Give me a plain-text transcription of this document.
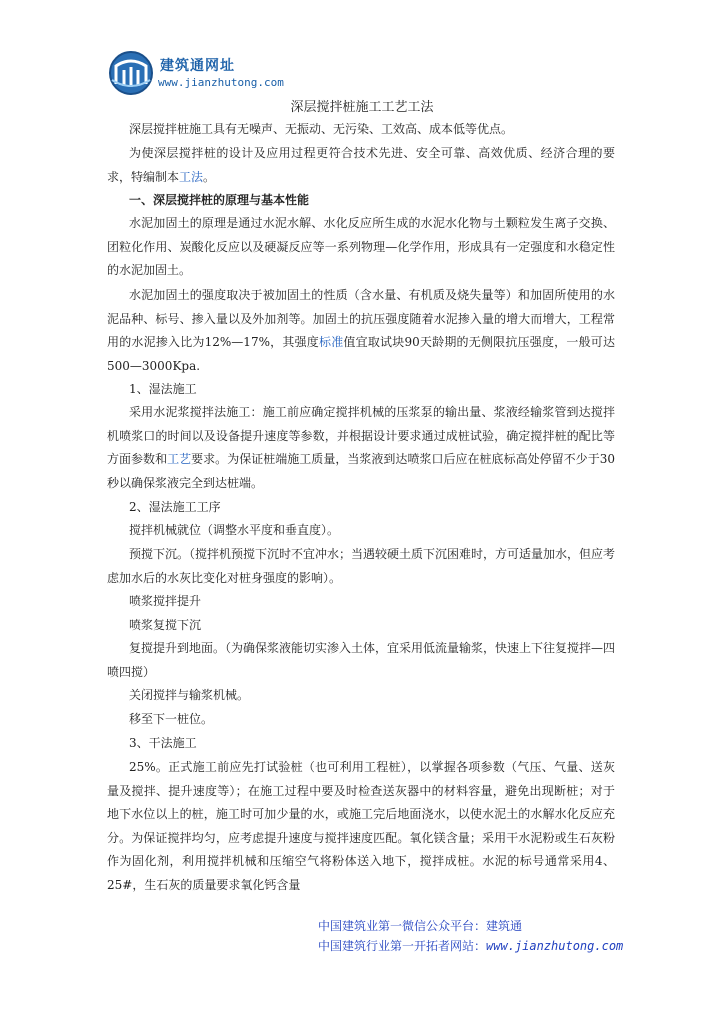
建筑通网址
www.jianzhutong.com
深层搅拌桩施工工艺工法

深层搅拌桩施工具有无噪声、无振动、无污染、工效高、成本低等优点。

为使深层搅拌桩的设计及应用过程更符合技术先进、安全可靠、高效优质、经济合理的要求，特编制本工法。

一、深层搅拌桩的原理与基本性能

水泥加固土的原理是通过水泥水解、水化反应所生成的水泥水化物与土颗粒发生离子交换、团粒化作用、炭酸化反应以及硬凝反应等一系列物理—化学作用，形成具有一定强度和水稳定性的水泥加固土。

水泥加固土的强度取决于被加固土的性质（含水量、有机质及烧失量等）和加固所使用的水泥品种、标号、掺入量以及外加剂等。加固土的抗压强度随着水泥掺入量的增大而增大，工程常用的水泥掺入比为12%—17%，其强度标准值宜取试块90天龄期的无侧限抗压强度，一般可达500—3000Kpa.

1、湿法施工

采用水泥浆搅拌法施工：施工前应确定搅拌机械的压浆泵的输出量、浆液经输浆管到达搅拌机喷浆口的时间以及设备提升速度等参数，并根据设计要求通过成桩试验，确定搅拌桩的配比等方面参数和工艺要求。为保证桩端施工质量，当浆液到达喷浆口后应在桩底标高处停留不少于30秒以确保浆液完全到达桩端。

2、湿法施工工序

搅拌机械就位（调整水平度和垂直度）。

预搅下沉。（搅拌机预搅下沉时不宜冲水；当遇较硬土质下沉困难时，方可适量加水，但应考虑加水后的水灰比变化对桩身强度的影响）。

喷浆搅拌提升

喷浆复搅下沉

复搅提升到地面。（为确保浆液能切实渗入土体，宜采用低流量输浆，快速上下往复搅拌—四喷四搅）

关闭搅拌与输浆机械。

移至下一桩位。

3、干法施工

25%。正式施工前应先打试验桩（也可利用工程桩），以掌握各项参数（气压、气量、送灰量及搅拌、提升速度等）；在施工过程中要及时检查送灰器中的材料容量，避免出现断桩；对于地下水位以上的桩，施工时可加少量的水，或施工完后地面浇水，以使水泥土的水解水化反应充分。为保证搅拌均匀，应考虑提升速度与搅拌速度匹配。氧化镁含量；采用干水泥粉或生石灰粉作为固化剂，利用搅拌机械和压缩空气将粉体送入地下，搅拌成桩。水泥的标号通常采用4、25#，生石灰的质量要求氧化钙含量

中国建筑业第一微信公众平台：建筑通
中国建筑行业第一开拓者网站：www.jianzhutong.com
